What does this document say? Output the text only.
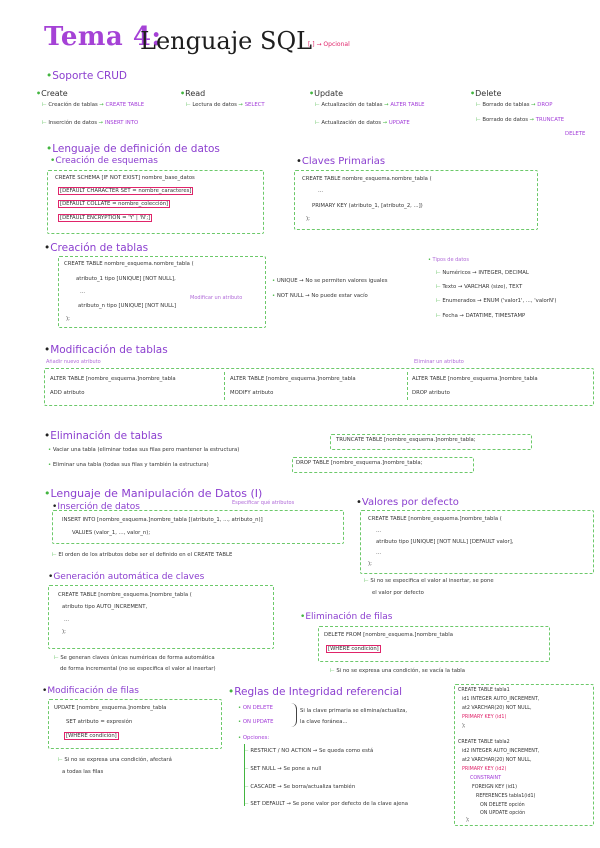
Tema 4:
Lenguaje SQL
[ ] → Opcional
•Soporte CRUD
•Create
⊢ Creación de tablas → CREATE TABLE
⊢ Inserción de datos → INSERT INTO
•Read
⊢ Lectura de datos → SELECT
•Update
⊢ Actualización de tablas → ALTER TABLE
⊢ Actualización de datos → UPDATE
•Delete
⊢ Borrado de tablas → DROP
⊢ Borrado de datos → TRUNCATE
DELETE
•Lenguaje de definición de datos
•Creación de esquemas
CREATE SCHEMA [IF NOT EXIST] nombre_base_datos
[DEFAULT CHARACTER SET = nombre_caracteres]
[DEFAULT COLLATE = nombre_colección]
[DEFAULT ENCRYPTION = 'Y' | 'N';]
•Claves Primarias
CREATE TABLE nombre_esquema.nombre_tabla (
...
PRIMARY KEY (atributo_1, [atributo_2, ...])
);
•Creación de tablas
CREATE TABLE nombre_esquema.nombre_tabla (
atributo_1 tipo [UNIQUE] [NOT NULL],
...
Modificar un atributo
atributo_n tipo [UNIQUE] [NOT NULL]
);
• UNIQUE → No se permiten valores iguales
• NOT NULL → No puede estar vacío
• Tipos de datos
⊢ Numéricos → INTEGER, DECIMAL
⊢ Texto → VARCHAR (size), TEXT
⊢ Enumerados → ENUM ('valor1', ..., 'valorN')
⊢ Fecha → DATATIME, TIMESTAMP
•Modificación de tablas
Añadir nuevo atributo	Eliminar un atributo
ALTER TABLE [nombre_esquema.]nombre_tabla
ADD atributo
ALTER TABLE [nombre_esquema.]nombre_tabla
MODIFY atributo
ALTER TABLE [nombre_esquema.]nombre_tabla
DROP atributo
•Eliminación de tablas
• Vaciar una tabla (eliminar todas sus filas pero mantener la estructura)
• Eliminar una tabla (todas sus filas y también la estructura)
TRUNCATE TABLE [nombre_esquema.]nombre_tabla;
DROP TABLE [nombre_esquema.]nombre_tabla;
•Lenguaje de Manipulación de Datos (I)
•Inserción de datos	Especificar qué atributos
INSERT INTO [nombre_esquema.]nombre_tabla [(atributo_1, ..., atributo_n)]
VALUES (valor_1, ..., valor_n);
⊢ El orden de los atributos debe ser el definido en el CREATE TABLE
•Valores por defecto
CREATE TABLE [nombre_esquema.]nombre_tabla (
...
atributo tipo [UNIQUE] [NOT NULL] [DEFAULT valor],
...
);
⊢ Si no se especifica el valor al insertar, se pone
el valor por defecto
•Generación automática de claves
CREATE TABLE [nombre_esquema.]nombre_tabla (
atributo tipo AUTO_INCREMENT,
...
);
⊢ Se generan claves únicas numéricas de forma automática
de forma incremental (no se especifica el valor al insertar)
•Eliminación de filas
DELETE FROM [nombre_esquema.]nombre_tabla
[WHERE condición]
⊢ Si no se expresa una condición, se vacía la tabla
•Modificación de filas
UPDATE [nombre_esquema.]nombre_tabla
SET atributo = expresión
[WHERE condición]
⊢ Si no se expresa una condición, afectará
a todas las filas
•Reglas de Integridad referencial
• ON DELETE
• ON UPDATE
Si la clave primaria se elimina/actualiza,
la clave foránea...
• Opciones:
⊢ RESTRICT / NO ACTION → Se queda como está
⊢ SET NULL → Se pone a null
⊢ CASCADE → Se borra/actualiza también
⊢ SET DEFAULT → Se pone valor por defecto de la clave ajena
CREATE TABLE tabla1
id1 INTEGER AUTO_INCREMENT,
at2 VARCHAR(20) NOT NULL,
PRIMARY KEY (id1)
);
CREATE TABLE tabla2
id2 INTEGER AUTO_INCREMENT,
at2 VARCHAR(20) NOT NULL,
PRIMARY KEY (id2)
CONSTRAINT
FOREIGN KEY (id1)
REFERENCES tabla1(id1)
ON DELETE opción
ON UPDATE opción
);
